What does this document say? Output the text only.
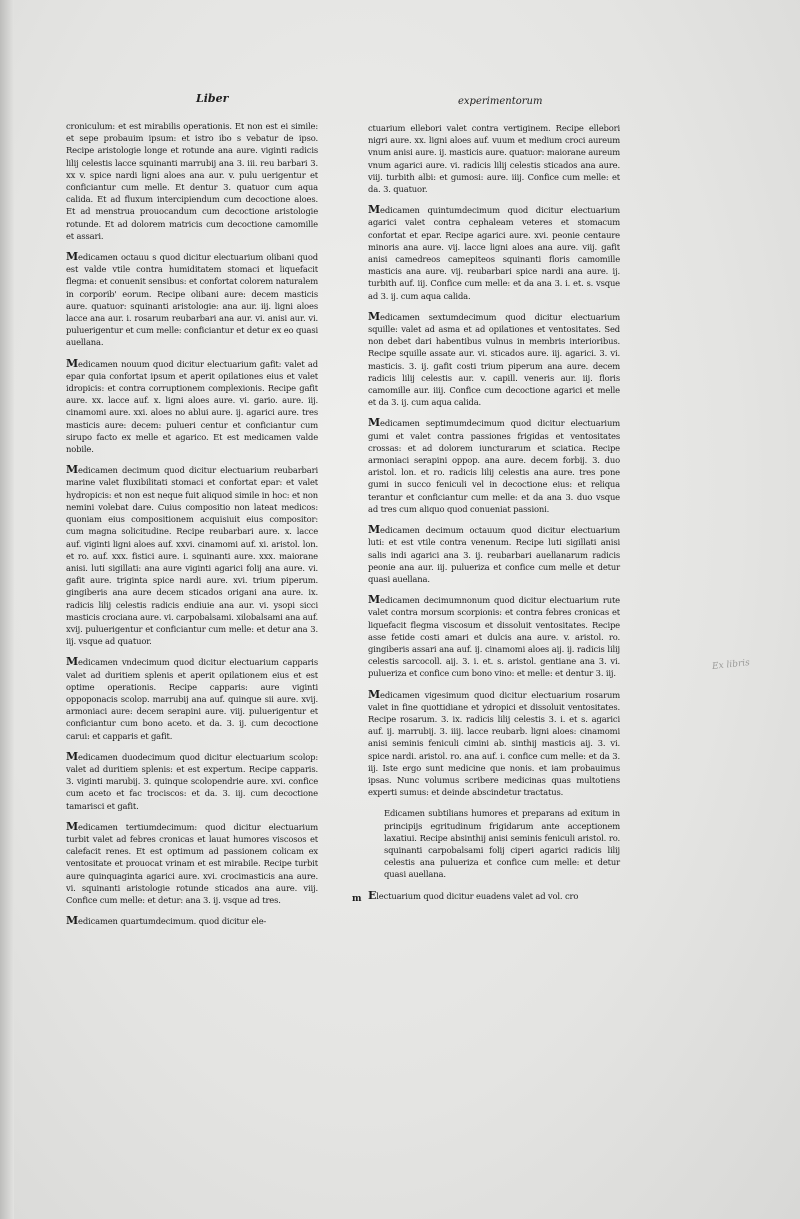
Liber	experimentorum

croniculum: et est mirabilis operationis. Et non est ei simile: et sepe probauim ipsum: et istro ibo s vebatur de ipso. Recipe aristologie longe et rotunde ana aure. viginti radicis lilij celestis lacce squinanti marrubij ana 3. iii. reu barbari 3. xx v. spice nardi ligni aloes ana aur. v. pulu uerigentur et conficiantur cum melle. Et dentur 3. quatuor cum aqua calida. Et ad fluxum intercipiendum cum decoctione aloes. Et ad menstrua prouocandum cum decoctione aristologie rotunde. Et ad dolorem matricis cum decoctione camomille et assari.

Medicamen octauu s quod dicitur electuarium olibani quod est valde vtile contra humiditatem stomaci et liquefacit flegma: et conuenit sensibus: et confortat colorem naturalem in corporib' eorum. Recipe olibani aure: decem masticis aure. quatuor: squinanti aristologie: ana aur. iij. ligni aloes lacce ana aur. i. rosarum reubarbari ana aur. vi. anisi aur. vi. puluerigentur et cum melle: conficiantur et detur ex eo quasi auellana.

Medicamen nouum quod dicitur electuarium gafit: valet ad epar quia confortat ipsum et aperit opilationes eius et valet idropicis: et contra corruptionem complexionis. Recipe gafit aure. xx. lacce auf. x. ligni aloes aure. vi. gario. aure. iij. cinamomi aure. xxi. aloes no ablui aure. ij. agarici aure. tres masticis aure: decem: pulueri centur et conficiantur cum sirupo facto ex melle et agarico. Et est medicamen valde nobile.

Medicamen decimum quod dicitur electuarium reubarbari marine valet fluxibilitati stomaci et confortat epar: et valet hydropicis: et non est neque fuit aliquod simile in hoc: et non nemini volebat dare. Cuius compositio non lateat medicos: quoniam eius compositionem acquisiuit eius compositor: cum magna solicitudine. Recipe reubarbari aure. x. lacce auf. viginti ligni aloes auf. xxvi. cinamomi auf. xi. aristol. lon. et ro. auf. xxx. fistici aure. i. squinanti aure. xxx. maiorane anisi. luti sigillati: ana aure viginti agarici folij ana aure. vi. gafit aure. triginta spice nardi aure. xvi. trium piperum. gingiberis ana aure decem sticados origani ana aure. ix. radicis lilij celestis radicis endiuie ana aur. vi. ysopi sicci masticis crociana aure. vi. carpobalsami. xilobalsami ana auf. xvij. puluerigentur et conficiantur cum melle: et detur ana 3. iij. vsque ad quatuor.

Medicamen vndecimum quod dicitur electuarium capparis valet ad duritiem splenis et aperit opilationem eius et est optime operationis. Recipe capparis: aure viginti oppoponacis scolop. marrubij ana auf. quinque sii aure. xvij. armoniaci aure: decem serapini aure. viij. puluerigentur et conficiantur cum bono aceto. et da. 3. ij. cum decoctione carui: et capparis et gafit.

Medicamen duodecimum quod dicitur electuarium scolop: valet ad duritiem splenis: et est expertum. Recipe capparis. 3. viginti marubij. 3. quinque scolopendrie aure. xvi. confice cum aceto et fac trociscos: et da. 3. iij. cum decoctione tamarisci et gafit.

Medicamen tertiumdecimum: quod dicitur electuarium turbit valet ad febres cronicas et lauat humores viscosos et calefacit renes. Et est optimum ad passionem colicam ex ventositate et prouocat vrinam et est mirabile. Recipe turbit aure quinquaginta agarici aure. xvi. crocimasticis ana aure. vi. squinanti aristologie rotunde sticados ana aure. viij. Confice cum melle: et detur: ana 3. ij. vsque ad tres.

Medicamen quartumdecimum. quod dicitur ele-

ctuarium ellebori valet contra vertiginem. Recipe ellebori nigri aure. xx. ligni aloes auf. vuum et medium croci aureum vnum anisi aure. ij. masticis aure. quatuor: maiorane aureum vnum agarici aure. vi. radicis lilij celestis sticados ana aure. viij. turbith albi: et gumosi: aure. iiij. Confice cum melle: et da. 3. quatuor.

Medicamen quintumdecimum quod dicitur electuarium agarici valet contra cephaleam veteres et stomacum confortat et epar. Recipe agarici aure. xvi. peonie centaure minoris ana aure. vij. lacce ligni aloes ana aure. viij. gafit anisi camedreos camepiteos squinanti floris camomille masticis ana aure. vij. reubarbari spice nardi ana aure. ij. turbith auf. iij. Confice cum melle: et da ana 3. i. et. s. vsque ad 3. ij. cum aqua calida.

Medicamen sextumdecimum quod dicitur electuarium squille: valet ad asma et ad opilationes et ventositates. Sed non debet dari habentibus vulnus in membris interioribus. Recipe squille assate aur. vi. sticados aure. iij. agarici. 3. vi. masticis. 3. ij. gafit costi trium piperum ana aure. decem radicis lilij celestis aur. v. capill. veneris aur. iij. floris camomille aur. iiij. Confice cum decoctione agarici et melle et da 3. ij. cum aqua calida.

Medicamen septimumdecimum quod dicitur electuarium gumi et valet contra passiones frigidas et ventositates crossas: et ad dolorem iuncturarum et sciatica. Recipe armoniaci serapini oppop. ana aure. decem forbij. 3. duo aristol. lon. et ro. radicis lilij celestis ana aure. tres pone gumi in succo feniculi vel in decoctione eius: et reliqua terantur et conficiantur cum melle: et da ana 3. duo vsque ad tres cum aliquo quod conueniat passioni.

Medicamen decimum octauum quod dicitur electuarium luti: et est vtile contra venenum. Recipe luti sigillati anisi salis indi agarici ana 3. ij. reubarbari auellanarum radicis peonie ana aur. iij. pulueriza et confice cum melle et detur quasi auellana.

Medicamen decimumnonum quod dicitur electuarium rute valet contra morsum scorpionis: et contra febres cronicas et liquefacit flegma viscosum et dissoluit ventositates. Recipe asse fetide costi amari et dulcis ana aure. v. aristol. ro. gingiberis assari ana auf. ij. cinamomi aloes aij. ij. radicis lilij celestis sarcocoll. aij. 3. i. et. s. aristol. gentiane ana 3. vi. pulueriza et confice cum bono vino: et melle: et dentur 3. iij.

Medicamen vigesimum quod dicitur electuarium rosarum valet in fine quottidiane et ydropici et dissoluit ventositates. Recipe rosarum. 3. ix. radicis lilij celestis 3. i. et s. agarici auf. ij. marrubij. 3. iiij. lacce reubarb. ligni aloes: cinamomi anisi seminis feniculi cimini ab. sinthij masticis aij. 3. vi. spice nardi. aristol. ro. ana auf. i. confice cum melle: et da 3. iij. Iste ergo sunt medicine que nonis. et iam probauimus ipsas. Nunc volumus scribere medicinas quas multotiens experti sumus: et deinde abscindetur tractatus.

Edicamen subtilians humores et preparans ad exitum in principijs egritudinum frigidarum ante acceptionem laxatiui. Recipe absinthij anisi seminis feniculi aristol. ro. squinanti carpobalsami folij ciperi agarici radicis lilij celestis ana pulueriza et confice cum melle: et detur quasi auellana.

Electuarium quod dicitur euadens valet ad vol. cro

m
Ex libris
